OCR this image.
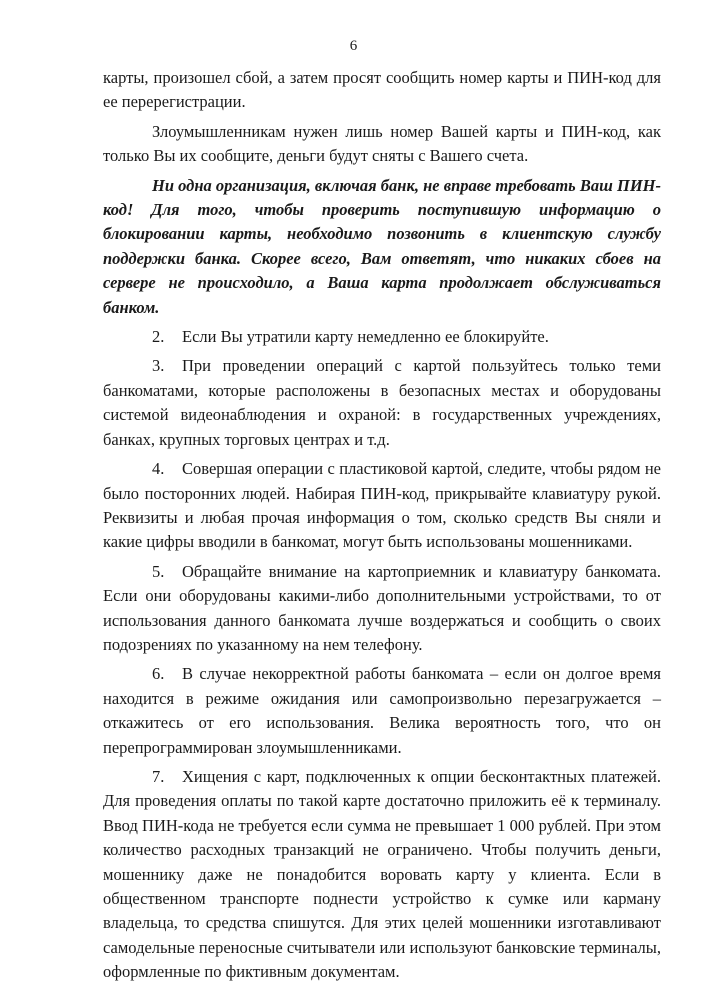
6

карты, произошел сбой, а затем просят сообщить номер карты и ПИН-код для ее перерегистрации.

Злоумышленникам нужен лишь номер Вашей карты и ПИН-код, как только Вы их сообщите, деньги будут сняты с Вашего счета.

Ни одна организация, включая банк, не вправе требовать Ваш ПИН-код! Для того, чтобы проверить поступившую информацию о блокировании карты, необходимо позвонить в клиентскую службу поддержки банка. Скорее всего, Вам ответят, что никаких сбоев на сервере не происходило, а Ваша карта продолжает обслуживаться банком.

2. Если Вы утратили карту немедленно ее блокируйте.

3. При проведении операций с картой пользуйтесь только теми банкоматами, которые расположены в безопасных местах и оборудованы системой видеонаблюдения и охраной: в государственных учреждениях, банках, крупных торговых центрах и т.д.

4. Совершая операции с пластиковой картой, следите, чтобы рядом не было посторонних людей. Набирая ПИН-код, прикрывайте клавиатуру рукой. Реквизиты и любая прочая информация о том, сколько средств Вы сняли и какие цифры вводили в банкомат, могут быть использованы мошенниками.

5. Обращайте внимание на картоприемник и клавиатуру банкомата. Если они оборудованы какими-либо дополнительными устройствами, то от использования данного банкомата лучше воздержаться и сообщить о своих подозрениях по указанному на нем телефону.

6. В случае некорректной работы банкомата – если он долгое время находится в режиме ожидания или самопроизвольно перезагружается – откажитесь от его использования. Велика вероятность того, что он перепрограммирован злоумышленниками.

7. Хищения с карт, подключенных к опции бесконтактных платежей. Для проведения оплаты по такой карте достаточно приложить её к терминалу. Ввод ПИН-кода не требуется если сумма не превышает 1 000 рублей. При этом количество расходных транзакций не ограничено. Чтобы получить деньги, мошеннику даже не понадобится воровать карту у клиента. Если в общественном транспорте поднести устройство к сумке или карману владельца, то средства спишутся. Для этих целей мошенники изготавливают самодельные переносные считыватели или используют банковские терминалы, оформленные по фиктивным документам.
